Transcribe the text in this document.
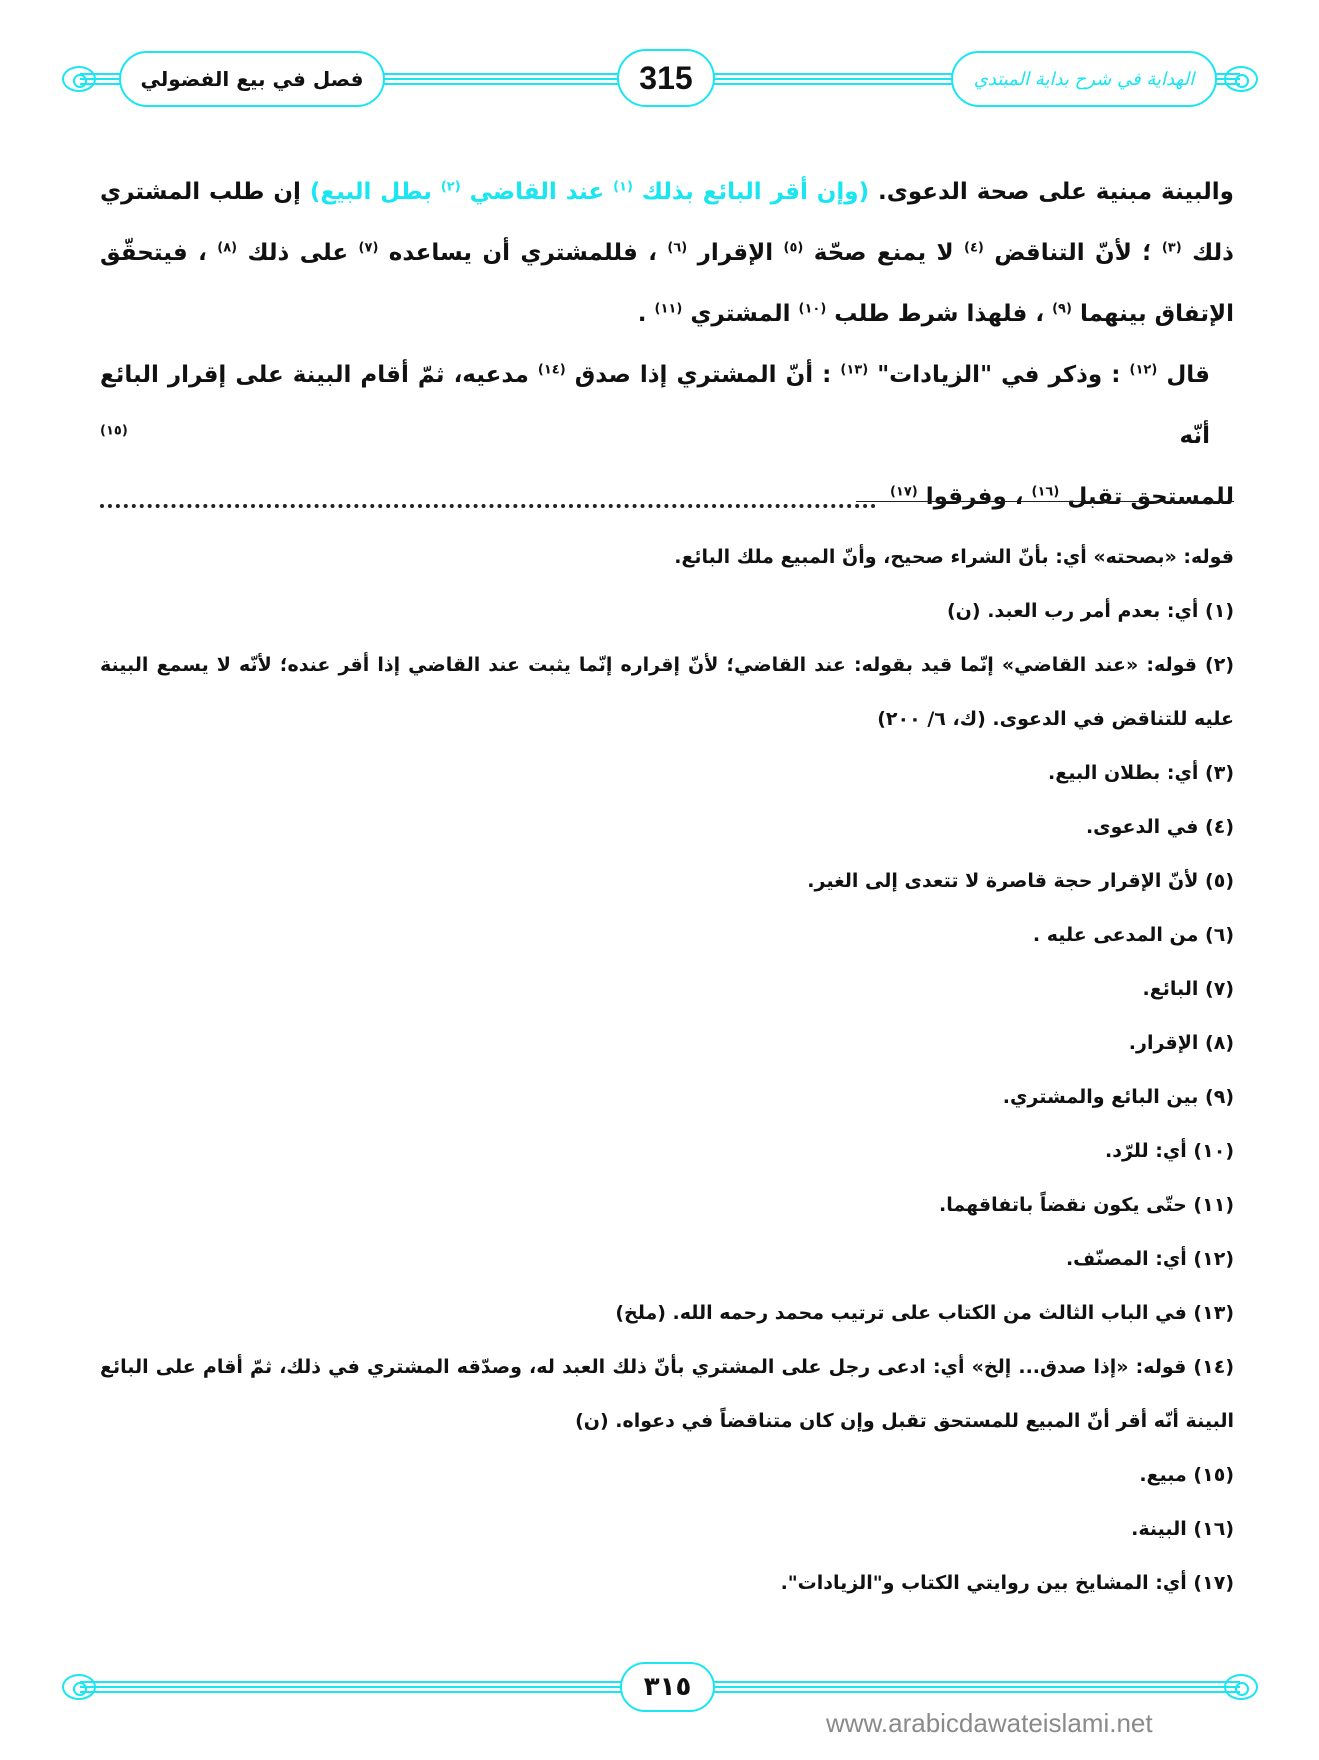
فصل في بيع الفضولي	315	الهداية في شرح بداية المبتدي
والبينة مبنية على صحة الدعوى. (وإن أقر البائع بذلك $^{(١)}$ عند القاضي $^{(٢)}$ بطل البيع) إن طلب المشتري
ذلك $^{(٣)}$ ؛ لأنّ التناقض $^{(٤)}$ لا يمنع صحّة $^{(٥)}$ الإقرار $^{(٦)}$ ، فللمشتري أن يساعده $^{(٧)}$ على ذلك $^{(٨)}$ ، فيتحقّق
الإتفاق بينهما $^{(٩)}$ ، فلهذا شرط طلب $^{(١٠)}$ المشتري $^{(١١)}$ .
قال $^{(١٢)}$ : وذكر في "الزيادات" $^{(١٣)}$ : أنّ المشتري إذا صدق $^{(١٤)}$ مدعيه، ثمّ أقام البينة على إقرار البائع أنّه $^{(١٥)}$
للمستحق تقبل $^{(١٦)}$ ، وفرقوا $^{(١٧)}$
قوله: «بصحته» أي: بأنّ الشراء صحيح، وأنّ المبيع ملك البائع.
(١) أي: بعدم أمر رب العبد. (ن)
(٢) قوله: «عند القاضي» إنّما قيد بقوله: عند القاضي؛ لأنّ إقراره إنّما يثبت عند القاضي إذا أقر عنده؛ لأنّه لا يسمع البينة عليه للتناقض في الدعوى. (ك، ٦/ ٢٠٠)
(٣) أي: بطلان البيع.
(٤) في الدعوى.
(٥) لأنّ الإقرار حجة قاصرة لا تتعدى إلى الغير.
(٦) من المدعى عليه .
(٧) البائع.
(٨) الإقرار.
(٩) بين البائع والمشتري.
(١٠) أي: للرّد.
(١١) حتّى يكون نقضاً باتفاقهما.
(١٢) أي: المصنّف.
(١٣) في الباب الثالث من الكتاب على ترتيب محمد رحمه الله. (ملخ)
(١٤) قوله: «إذا صدق... إلخ» أي: ادعى رجل على المشتري بأنّ ذلك العبد له، وصدّقه المشتري في ذلك، ثمّ أقام على البائع البينة أنّه أقر أنّ المبيع للمستحق تقبل وإن كان متناقضاً في دعواه. (ن)
(١٥) مبيع.
(١٦) البينة.
(١٧) أي: المشايخ بين روايتي الكتاب و"الزيادات".
٣١٥
www.arabicdawateislami.net
